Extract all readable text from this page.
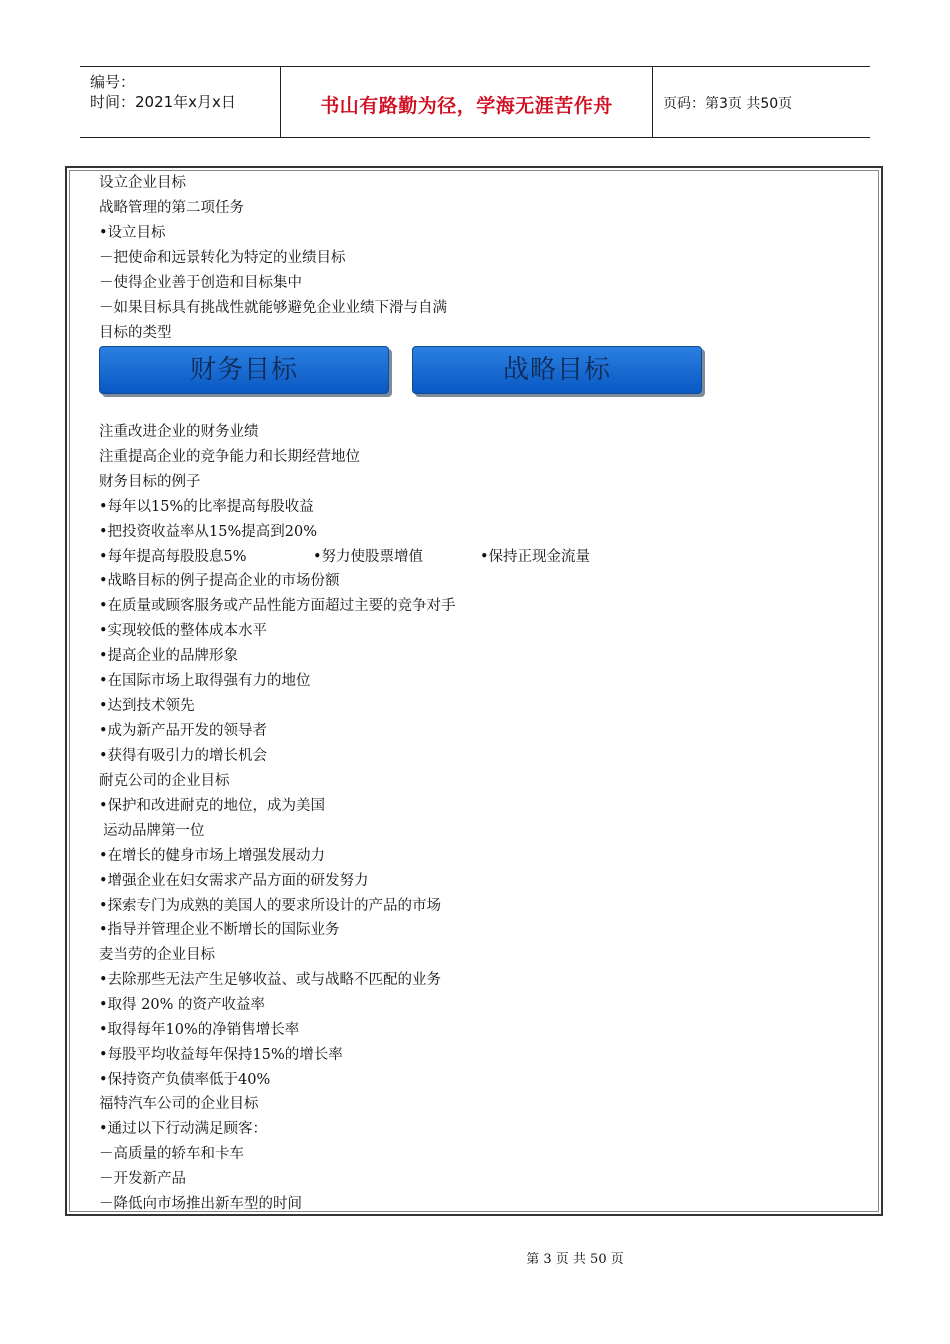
编号：
时间：2021年x月x日	书山有路勤为径，学海无涯苦作舟	页码：第3页 共50页
设立企业目标
战略管理的第二项任务
•设立目标
－把使命和远景转化为特定的业绩目标
－使得企业善于创造和目标集中
－如果目标具有挑战性就能够避免企业业绩下滑与自满
目标的类型
财务目标	战略目标
注重改进企业的财务业绩
注重提高企业的竞争能力和长期经营地位
财务目标的例子
•每年以15%的比率提高每股收益
•把投资收益率从15%提高到20%
•每年提高每股股息5%	•努力使股票增值	•保持正现金流量
•战略目标的例子提高企业的市场份额
•在质量或顾客服务或产品性能方面超过主要的竞争对手
•实现较低的整体成本水平
•提高企业的品牌形象
•在国际市场上取得强有力的地位
•达到技术领先
•成为新产品开发的领导者
•获得有吸引力的增长机会
耐克公司的企业目标
•保护和改进耐克的地位，成为美国
运动品牌第一位
•在增长的健身市场上增强发展动力
•增强企业在妇女需求产品方面的研发努力
•探索专门为成熟的美国人的要求所设计的产品的市场
•指导并管理企业不断增长的国际业务
麦当劳的企业目标
•去除那些无法产生足够收益、或与战略不匹配的业务
•取得 20% 的资产收益率
•取得每年10%的净销售增长率
•每股平均收益每年保持15%的增长率
•保持资产负债率低于40%
福特汽车公司的企业目标
•通过以下行动满足顾客：
－高质量的轿车和卡车
－开发新产品
－降低向市场推出新车型的时间
第 3 页 共 50 页
